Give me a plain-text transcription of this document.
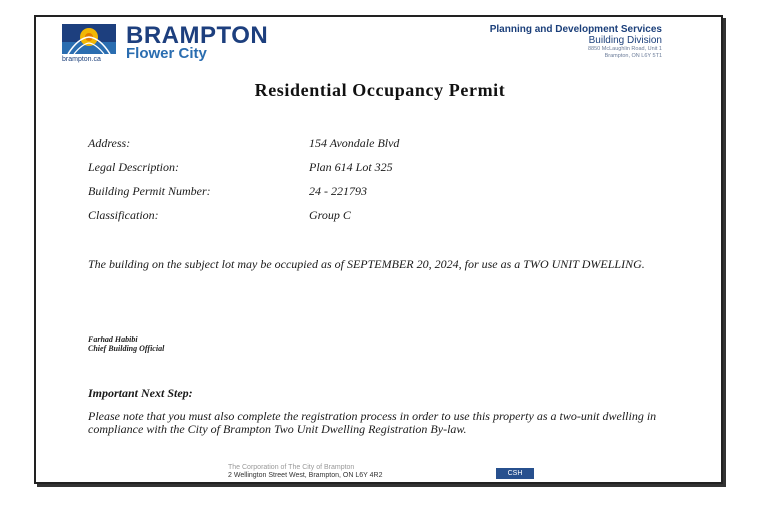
brampton.ca
BRAMPTON
Flower City
Planning and Development Services
Building Division
8850 McLaughlin Road, Unit 1
Brampton, ON L6Y 5T1
Residential Occupancy Permit
Address:	154 Avondale Blvd
Legal Description:	Plan 614 Lot 325
Building Permit Number:	24 - 221793
Classification:	Group C
The building on the subject lot may be occupied as of SEPTEMBER 20, 2024, for use as a TWO UNIT DWELLING.
Farhad Habibi
Chief Building Official
Important Next Step:
Please note that you must also complete the registration process in order to use this property as a two-unit dwelling in compliance with the City of Brampton Two Unit Dwelling Registration By-law.
The Corporation of The City of Brampton
2 Wellington Street West, Brampton, ON L6Y 4R2	CSH
